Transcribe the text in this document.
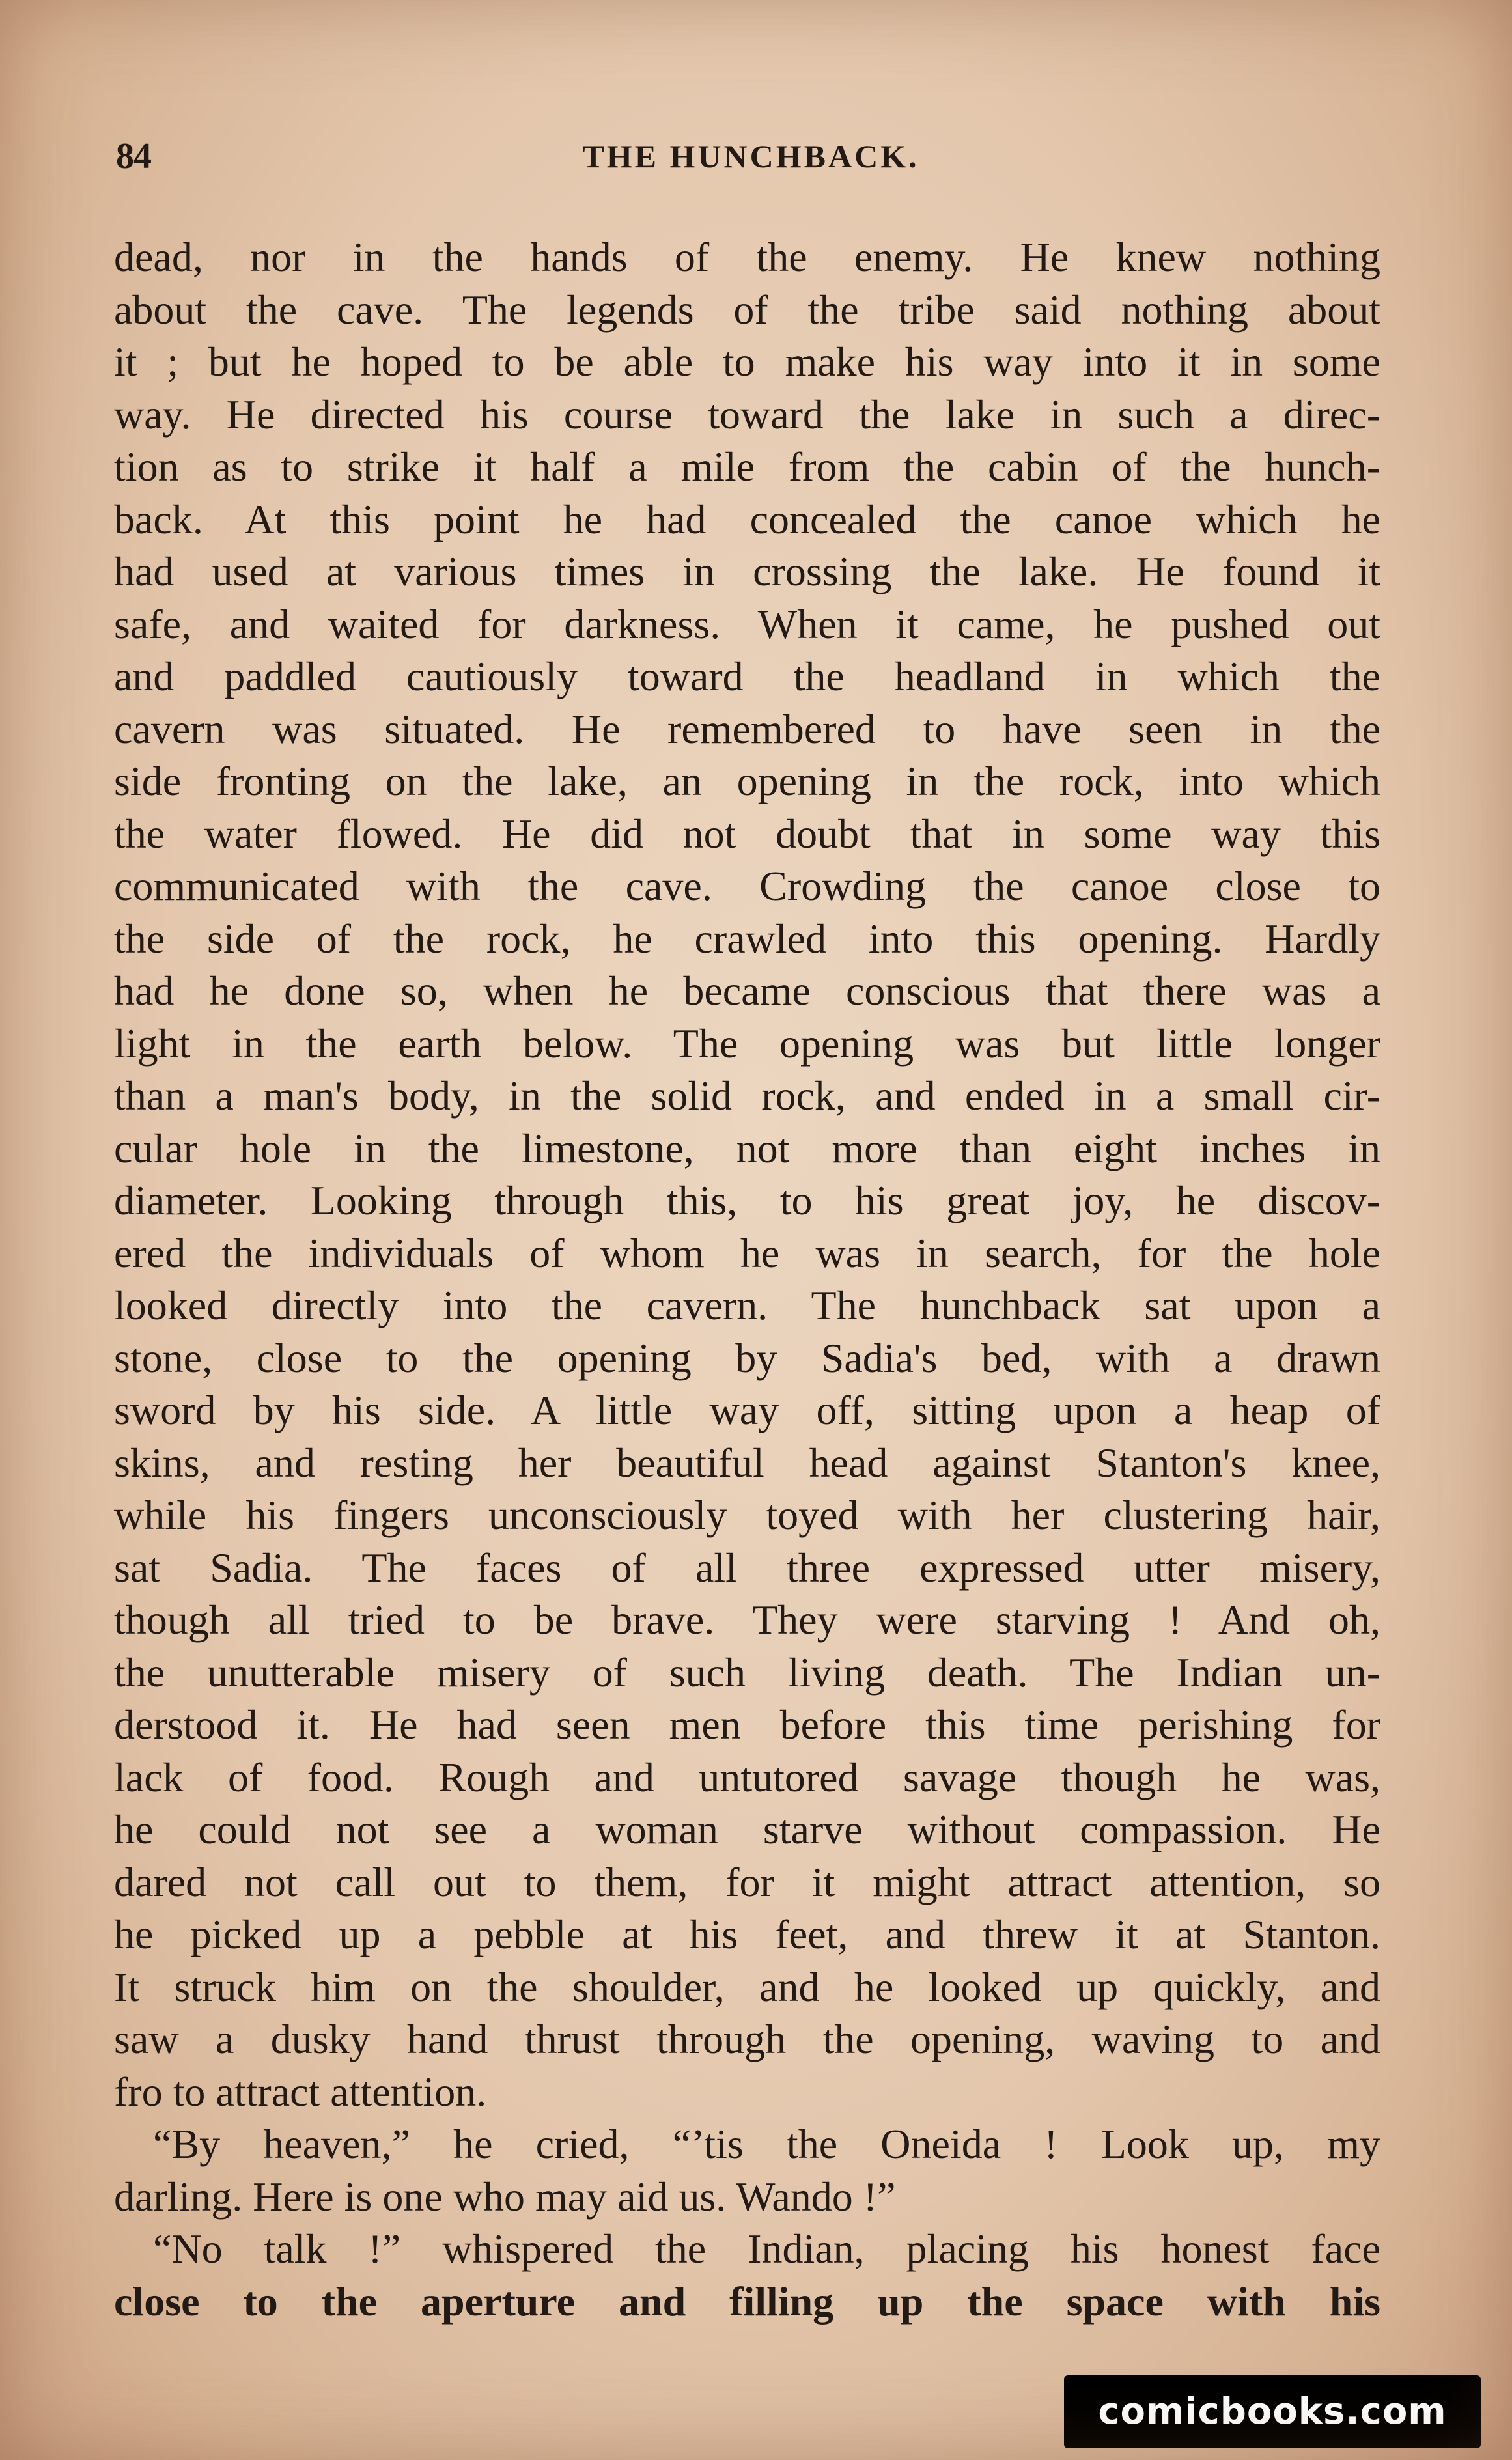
84	THE HUNCHBACK.
dead, nor in the hands of the enemy. He knew nothing
about the cave. The legends of the tribe said nothing about
it ; but he hoped to be able to make his way into it in some
way. He directed his course toward the lake in such a direc-
tion as to strike it half a mile from the cabin of the hunch-
back. At this point he had concealed the canoe which he
had used at various times in crossing the lake. He found it
safe, and waited for darkness. When it came, he pushed out
and paddled cautiously toward the headland in which the
cavern was situated. He remembered to have seen in the
side fronting on the lake, an opening in the rock, into which
the water flowed. He did not doubt that in some way this
communicated with the cave. Crowding the canoe close to
the side of the rock, he crawled into this opening. Hardly
had he done so, when he became conscious that there was a
light in the earth below. The opening was but little longer
than a man's body, in the solid rock, and ended in a small cir-
cular hole in the limestone, not more than eight inches in
diameter. Looking through this, to his great joy, he discov-
ered the individuals of whom he was in search, for the hole
looked directly into the cavern. The hunchback sat upon a
stone, close to the opening by Sadia's bed, with a drawn
sword by his side. A little way off, sitting upon a heap of
skins, and resting her beautiful head against Stanton's knee,
while his fingers unconsciously toyed with her clustering hair,
sat Sadia. The faces of all three expressed utter misery,
though all tried to be brave. They were starving ! And oh,
the unutterable misery of such living death. The Indian un-
derstood it. He had seen men before this time perishing for
lack of food. Rough and untutored savage though he was,
he could not see a woman starve without compassion. He
dared not call out to them, for it might attract attention, so
he picked up a pebble at his feet, and threw it at Stanton.
It struck him on the shoulder, and he looked up quickly, and
saw a dusky hand thrust through the opening, waving to and
fro to attract attention.
“By heaven,” he cried, “’tis the Oneida ! Look up, my
darling. Here is one who may aid us. Wando !”
“No talk !” whispered the Indian, placing his honest face
close to the aperture and filling up the space with his
comicbooks.com
